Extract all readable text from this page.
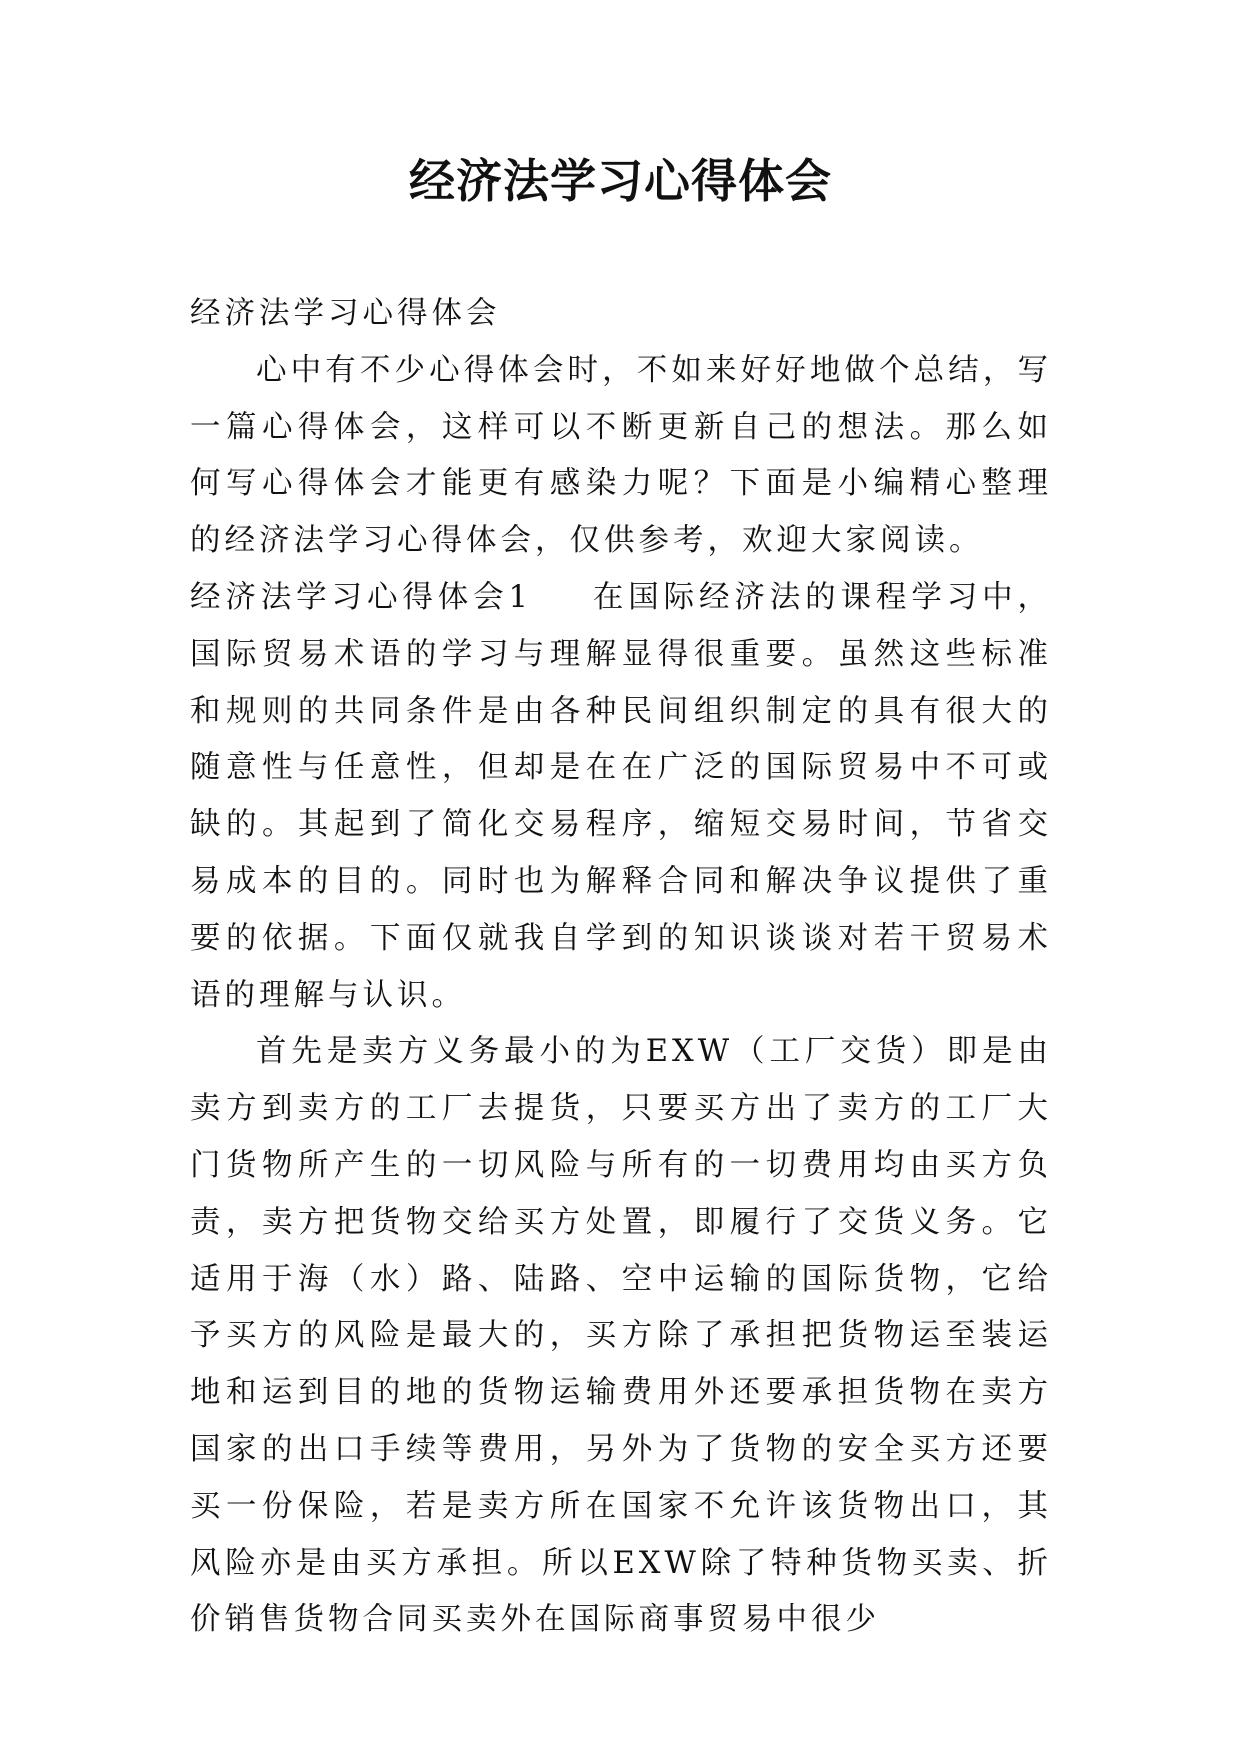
经济法学习心得体会

经济法学习心得体会

心中有不少心得体会时，不如来好好地做个总结，写一篇心得体会，这样可以不断更新自己的想法。那么如何写心得体会才能更有感染力呢？下面是小编精心整理的经济法学习心得体会，仅供参考，欢迎大家阅读。

经济法学习心得体会1 在国际经济法的课程学习中，国际贸易术语的学习与理解显得很重要。虽然这些标准和规则的共同条件是由各种民间组织制定的具有很大的随意性与任意性，但却是在在广泛的国际贸易中不可或缺的。其起到了简化交易程序，缩短交易时间，节省交易成本的目的。同时也为解释合同和解决争议提供了重要的依据。下面仅就我自学到的知识谈谈对若干贸易术语的理解与认识。

首先是卖方义务最小的为EXW（工厂交货）即是由卖方到卖方的工厂去提货，只要买方出了卖方的工厂大门货物所产生的一切风险与所有的一切费用均由买方负责，卖方把货物交给买方处置，即履行了交货义务。它适用于海（水）路、陆路、空中运输的国际货物，它给予买方的风险是最大的，买方除了承担把货物运至装运地和运到目的地的货物运输费用外还要承担货物在卖方国家的出口手续等费用，另外为了货物的安全买方还要买一份保险，若是卖方所在国家不允许该货物出口，其风险亦是由买方承担。所以EXW除了特种货物买卖、折价销售货物合同买卖外在国际商事贸易中很少
